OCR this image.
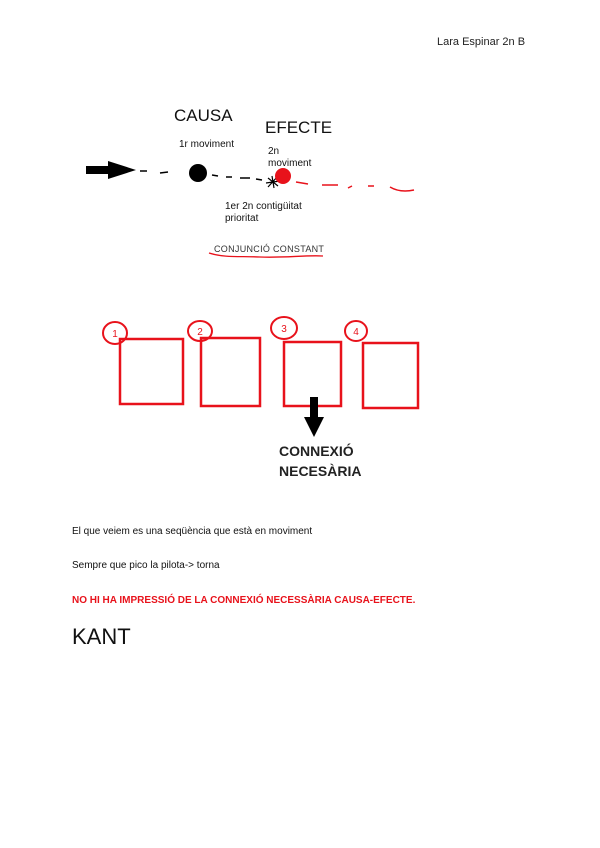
1	2	3	4
Lara Espinar 2n B
CAUSA
EFECTE
1r moviment
2n
moviment
1er 2n contigüitat
prioritat
CONJUNCIÓ CONSTANT
CONNEXIÓ
NECESÀRIA
El que veiem es una seqüència que està en moviment
Sempre que pico la pilota-> torna
NO HI HA IMPRESSIÓ DE LA CONNEXIÓ NECESSÀRIA CAUSA-EFECTE.
KANT
